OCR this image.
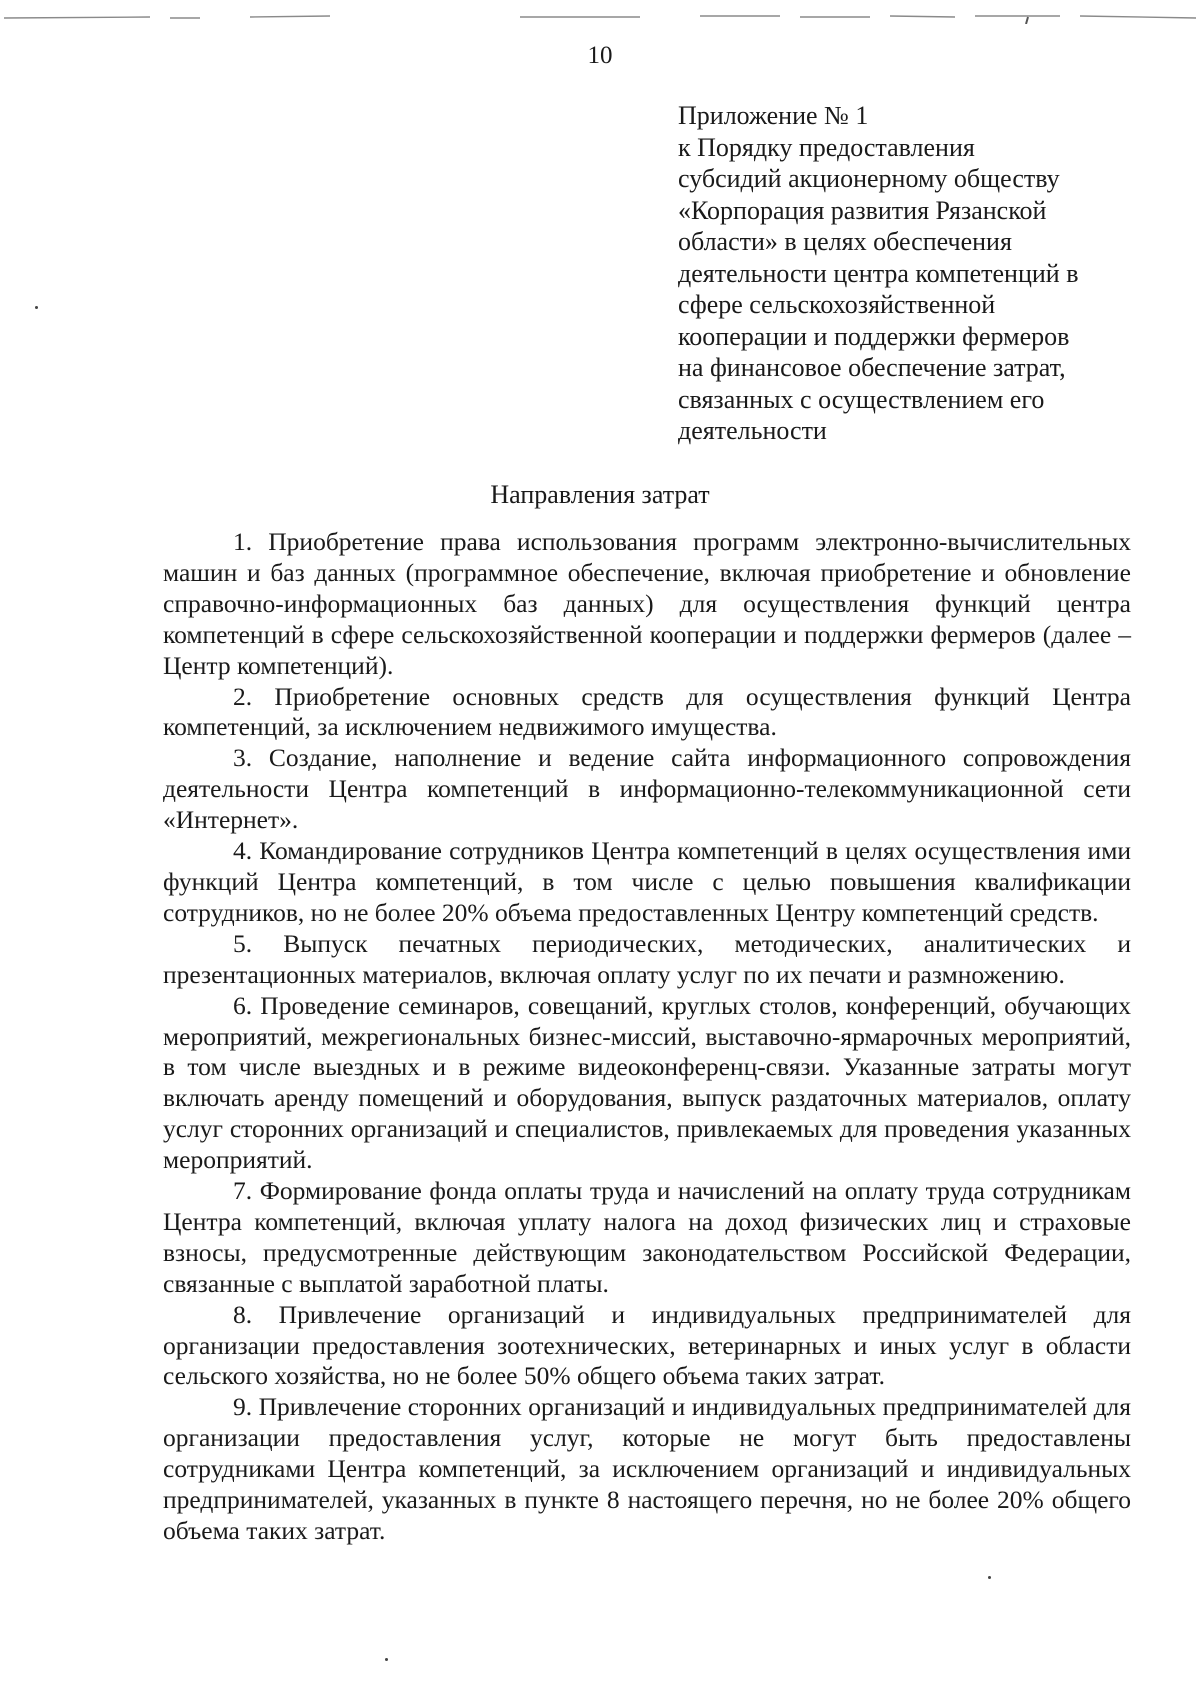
10
Приложение № 1
к Порядку предоставления
субсидий акционерному обществу
«Корпорация развития Рязанской
области» в целях обеспечения
деятельности центра компетенций в
сфере сельскохозяйственной
кооперации и поддержки фермеров
на финансовое обеспечение затрат,
связанных с осуществлением его
деятельности
Направления затрат

1. Приобретение права использования программ электронно-вычислительных машин и баз данных (программное обеспечение, включая приобретение и обновление справочно-информационных баз данных) для осуществления функций центра компетенций в сфере сельскохозяйственной кооперации и поддержки фермеров (далее – Центр компетенций).

2. Приобретение основных средств для осуществления функций Центра компетенций, за исключением недвижимого имущества.

3. Создание, наполнение и ведение сайта информационного сопровождения деятельности Центра компетенций в информационно-телекоммуникационной сети «Интернет».

4. Командирование сотрудников Центра компетенций в целях осуществления ими функций Центра компетенций, в том числе с целью повышения квалификации сотрудников, но не более 20% объема предоставленных Центру компетенций средств.

5. Выпуск печатных периодических, методических, аналитических и презентационных материалов, включая оплату услуг по их печати и размножению.

6. Проведение семинаров, совещаний, круглых столов, конференций, обучающих мероприятий, межрегиональных бизнес-миссий, выставочно-ярмарочных мероприятий, в том числе выездных и в режиме видеоконференц-связи. Указанные затраты могут включать аренду помещений и оборудования, выпуск раздаточных материалов, оплату услуг сторонних организаций и специалистов, привлекаемых для проведения указанных мероприятий.

7. Формирование фонда оплаты труда и начислений на оплату труда сотрудникам Центра компетенций, включая уплату налога на доход физических лиц и страховые взносы, предусмотренные действующим законодательством Российской Федерации, связанные с выплатой заработной платы.

8. Привлечение организаций и индивидуальных предпринимателей для организации предоставления зоотехнических, ветеринарных и иных услуг в области сельского хозяйства, но не более 50% общего объема таких затрат.

9. Привлечение сторонних организаций и индивидуальных предпринимателей для организации предоставления услуг, которые не могут быть предоставлены сотрудниками Центра компетенций, за исключением организаций и индивидуальных предпринимателей, указанных в пункте 8 настоящего перечня, но не более 20% общего объема таких затрат.
